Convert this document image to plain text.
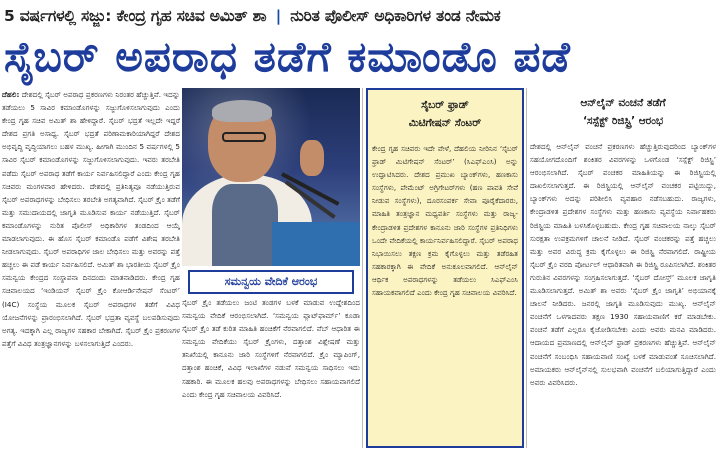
5 ವರ್ಷಗಳಲ್ಲಿ ಸಜ್ಜು: ಕೇಂದ್ರ ಗೃಹ ಸಚಿವ ಅಮಿತ್ ಶಾ | ನುರಿತ ಪೊಲೀಸ್ ಅಧಿಕಾರಿಗಳ ತಂಡ ನೇಮಕ
ಸೈಬರ್ ಅಪರಾಧ ತಡೆಗೆ ಕಮಾಂಡೊ ಪಡೆ
ದೆಹಲಿ: ದೇಶದಲ್ಲಿ ಸೈಬರ್ ಅಪರಾಧ ಪ್ರಕರಣಗಳು ನಿರಂತರ ಹೆಚ್ಚುತ್ತಿವೆ. ಇದನ್ನು ತಡೆಯಲು 5 ಸಾವಿರ ಕಮಾಂಡೊಗಳನ್ನು ಸಜ್ಜುಗೊಳಿಸಲಾಗುವುದು ಎಂದು ಕೇಂದ್ರ ಗೃಹ ಸಚಿವ ಅಮಿತ್ ಶಾ ಹೇಳಿದ್ದಾರೆ. ಸೈಬರ್ ಭದ್ರತೆ ಇಲ್ಲದೇ ಇದ್ದರೆ ದೇಶದ ಪ್ರಗತಿ ಅಸಾಧ್ಯ. ಸೈಬರ್ ಭದ್ರತೆ ಪರಿಣಾಮಕಾರಿಯಾಗಿದ್ದರೆ ದೇಶದ ಅಭಿವೃದ್ಧಿ ವೃದ್ಧಿಯಾಗಲು ಬಹಳ ಮುಖ್ಯ. ಹೀಗಾಗಿ ಮುಂದಿನ 5 ವರ್ಷಗಳಲ್ಲಿ 5 ಸಾವಿರ ಸೈಬರ್ ಕಮಾಂಡೊಗಳನ್ನು ಸಜ್ಜುಗೊಳಿಸಲಾಗುವುದು. ಇವರು ತರಬೇತಿ ಪಡೆದು ಸೈಬರ್ ಅಪರಾಧ ತಡೆಗೆ ಕಾರ್ಯ ನಿರ್ವಹಿಸಲಿದ್ದಾರೆ ಎಂದು ಕೇಂದ್ರ ಗೃಹ ಸಚಿವರು ಮಂಗಳವಾರ ಹೇಳಿದರು. ದೇಶದಲ್ಲಿ ಪ್ರತಿನಿತ್ಯವೂ ನಡೆಯುತ್ತಿರುವ ಸೈಬರ್ ಅಪರಾಧಗಳನ್ನು ಬೇಧಿಸಲು ತರಬೇತಿ ಅಗತ್ಯವಾಗಿದೆ. ಸೈಬರ್ ಕ್ರೈಂ ತಡೆಗೆ ಮತ್ತು ಸಮುದಾಯದಲ್ಲಿ ಜಾಗೃತಿ ಮೂಡಿಸುವ ಕಾರ್ಯ ನಡೆಯುತ್ತಿದೆ. ಸೈಬರ್ ಕಮಾಂಡೊಗಳನ್ನು ನುರಿತ ಪೊಲೀಸ್ ಅಧಿಕಾರಿಗಳ ತಂಡದಿಂದ ಆಯ್ಕೆ ಮಾಡಲಾಗುವುದು. ಈ ಹೊಸ ಸೈಬರ್ ಕಮಾಂಡೊ ಪಡೆಗೆ ವಿಶೇಷ ತರಬೇತಿ ನೀಡಲಾಗುವುದು. ಸೈಬರ್ ಅಪರಾಧಿಗಳ ಜಾಲ ಬೇಧಿಸಲು ಮತ್ತು ಅವರನ್ನು ಪತ್ತೆ ಹಚ್ಚಲು ಈ ಪಡೆ ಕಾರ್ಯ ನಿರ್ವಹಿಸಲಿದೆ. ಅಮಿತ್ ಶಾ ಭಾರತೀಯ ಸೈಬರ್ ಕ್ರೈಂ ಸಮನ್ವಯ ಕೇಂದ್ರದ ಸಂಸ್ಥಾಪನಾ ದಿನದಂದು ಮಾತನಾಡಿದರು. ಕೇಂದ್ರ ಗೃಹ ಸಚಿವಾಲಯದ ‘ಇಂಡಿಯನ್ ಸೈಬರ್ ಕ್ರೈಂ ಕೋಆರ್ಡಿನೇಷನ್ ಸೆಂಟರ್’ (I4C) ಸಂಸ್ಥೆಯ ಮೂಲಕ ಸೈಬರ್ ಅಪರಾಧಗಳ ತಡೆಗೆ ವಿವಿಧ ಯೋಜನೆಗಳನ್ನು ಪ್ರಾರಂಭಿಸಲಾಗಿದೆ. ಸೈಬರ್ ಭದ್ರತಾ ವ್ಯವಸ್ಥೆ ಬಲಪಡಿಸುವುದು ಅಗತ್ಯ. ಇದಕ್ಕಾಗಿ ಎಲ್ಲ ರಾಜ್ಯಗಳ ಸಹಕಾರ ಬೇಕಾಗಿದೆ. ಸೈಬರ್ ಕ್ರೈಂ ಪ್ರಕರಣಗಳ ಪತ್ತೆಗೆ ವಿವಿಧ ತಂತ್ರಜ್ಞಾನಗಳನ್ನು ಬಳಸಲಾಗುತ್ತಿದೆ ಎಂದರು.
ಸಮನ್ವಯ ವೇದಿಕೆ ಆರಂಭ
ಸೈಬರ್ ಕ್ರೈಂ ತಡೆಯಲು ಜಂಟಿ ತಂಡಗಳ ಬಳಕೆ ಮಾಡುವ ಉದ್ದೇಶದಿಂದ ಸಮನ್ವಯ ವೇದಿಕೆ ಆರಂಭಿಸಲಾಗಿದೆ. ‘ಸಮನ್ವಯ ಪ್ಲಾಟ್‌ಫಾರ್ಮ್’ ಕೂಡಾ ಸೈಬರ್ ಕ್ರೈಂ ತಡೆ ಕುರಿತ ಮಾಹಿತಿ ಹಂಚಿಕೆಗೆ ನೆರವಾಗಲಿದೆ. ವೆಬ್ ಆಧಾರಿತ ಈ ಸಮನ್ವಯ ವೇದಿಕೆಯು ಸೈಬರ್ ಕ್ರೈಂಗಳು, ದತ್ತಾಂಶ ವಿಶ್ಲೇಷಣೆ ಮತ್ತು ತನಿಖೆಯಲ್ಲಿ ಕಾನೂನು ಜಾರಿ ಸಂಸ್ಥೆಗಳಿಗೆ ನೆರವಾಗಲಿದೆ. ಕ್ರೈಂ ಮ್ಯಾಪಿಂಗ್, ದತ್ತಾಂಶ ಹಂಚಿಕೆ, ವಿವಿಧ ಇಲಾಖೆಗಳ ನಡುವೆ ಸಮನ್ವಯ ಸಾಧಿಸಲು ಇದು ಸಹಕಾರಿ. ಈ ಮೂಲಕ ಹಲವು ಅಪರಾಧಗಳನ್ನು ಬೇಧಿಸಲು ಸಹಾಯವಾಗಲಿದೆ ಎಂದು ಕೇಂದ್ರ ಗೃಹ ಸಚಿವಾಲಯ ವಿವರಿಸಿದೆ.
ಸೈಬರ್ ಫ್ರಾಡ್
ಮಿಟಿಗೇಷನ್ ಸೆಂಟರ್
ಕೇಂದ್ರ ಗೃಹ ಸಚಿವರು ಇದೇ ವೇಳೆ, ದೆಹಲಿಯ ನೀರಿನಿನ ‘ಸೈಬರ್ ಫ್ರಾಡ್ ಮಿಟಿಗೇಷನ್ ಸೆಂಟರ್’ (ಸಿಎಫ್ಎಂಸಿ) ಅನ್ನು ಉದ್ಘಾಟಿಸಿದರು. ದೇಶದ ಪ್ರಮುಖ ಬ್ಯಾಂಕ್‌ಗಳು, ಹಣಕಾಸು ಸಂಸ್ಥೆಗಳು, ಪೇಮೆಂಟ್ ಅಗ್ರಿಗೇಟರ್‌ಗಳು (ಹಣ ಪಾವತಿ ಸೇವೆ ನೀಡುವ ಸಂಸ್ಥೆಗಳು), ದೂರಸಂಪರ್ಕ ಸೇವಾ ಪೂರೈಕೆದಾರರು, ಮಾಹಿತಿ ತಂತ್ರಜ್ಞಾನ ಮಧ್ಯವರ್ತಿ ಸಂಸ್ಥೆಗಳು ಮತ್ತು ರಾಜ್ಯ-ಕೇಂದ್ರಾಡಳಿತ ಪ್ರದೇಶಗಳ ಕಾನೂನು ಜಾರಿ ಸಂಸ್ಥೆಗಳ ಪ್ರತಿನಿಧಿಗಳು ಒಂದೇ ವೇದಿಕೆಯಲ್ಲಿ ಕಾರ್ಯನಿರ್ವಹಿಸಲಿದ್ದಾರೆ. ಸೈಬರ್ ಅಪರಾಧ ನಿಭಾಯಿಸಲು ತಕ್ಷಣ ಕ್ರಮ ಕೈಗೊಳ್ಳಲು ಮತ್ತು ತಡೆರಹಿತ ಸಹಕಾರಕ್ಕಾಗಿ ಈ ವೇದಿಕೆ ಅನುಕೂಲವಾಗಲಿದೆ. ಆನ್‌ಲೈನ್ ಆರ್ಥಿಕ ಅಪರಾಧಗಳನ್ನು ತಡೆಯಲು ಸಿಎಫ್ಎಂಸಿ ಸಹಾಯಕವಾಗಲಿದೆ ಎಂದು ಕೇಂದ್ರ ಗೃಹ ಸಚಿವಾಲಯ ವಿವರಿಸಿದೆ.
ಆನ್‌ಲೈನ್ ವಂಚನೆ ತಡೆಗೆ
‘ಸಸ್ಪೆಕ್ಟ್ ರಿಜಿಸ್ಟ್ರಿ’ ಆರಂಭ
ದೇಶದಲ್ಲಿ ಆನ್‌ಲೈನ್ ವಂಚನೆ ಪ್ರಕರಣಗಳು ಹೆಚ್ಚುತ್ತಿರುವುದರಿಂದ ಬ್ಯಾಂಕ್‌ಗಳ ಸಹಯೋಗದೊಂದಿಗೆ ಶಂಕಿತರ ವಿವರಗಳನ್ನು ಒಳಗೊಂಡ ‘ಸಸ್ಪೆಕ್ಟ್ ರಿಜಿಸ್ಟ್ರಿ’ ಆರಂಭಿಸಲಾಗಿದೆ. ಸೈಬರ್ ವಂಚಕರ ಮಾಹಿತಿಯನ್ನು ಈ ರಿಜಿಸ್ಟ್ರಿಯಲ್ಲಿ ದಾಖಲಿಸಲಾಗುತ್ತದೆ. ಈ ರಿಜಿಸ್ಟ್ರಿಯಲ್ಲಿ ಆನ್‌ಲೈನ್ ವಂಚಕರ ಪಟ್ಟಿಯಿದ್ದು, ಬ್ಯಾಂಕ್‌ಗಳು ಅದನ್ನು ಪರಿಶೀಲಿಸಿ ವ್ಯವಹಾರ ನಡೆಸಬಹುದು. ರಾಜ್ಯಗಳು, ಕೇಂದ್ರಾಡಳಿತ ಪ್ರದೇಶಗಳ ಸಂಸ್ಥೆಗಳು ಮತ್ತು ಹಣಕಾಸು ವ್ಯವಸ್ಥೆಯ ನಿರ್ವಾಹಕರು ರಿಜಿಸ್ಟ್ರಿಯ ಮಾಹಿತಿ ಬಳಸಿಕೊಳ್ಳಬಹುದು. ಕೇಂದ್ರ ಗೃಹ ಸಚಿವಾಲಯ ನಾಲ್ಕು ಸೈಬರ್ ಸುರಕ್ಷತಾ ಉಪಕ್ರಮಗಳಿಗೆ ಚಾಲನೆ ನೀಡಿದೆ. ಸೈಬರ್ ವಂಚಕರನ್ನು ಪತ್ತೆ ಹಚ್ಚಲು ಮತ್ತು ಅವರ ವಿರುದ್ಧ ಕ್ರಮ ಕೈಗೊಳ್ಳಲು ಈ ರಿಜಿಸ್ಟ್ರಿ ನೆರವಾಗಲಿದೆ. ರಾಷ್ಟ್ರೀಯ ಸೈಬರ್ ಕ್ರೈಂ ವರದಿ ಪೋರ್ಟಲ್ ಆಧಾರಿತವಾಗಿ ಈ ರಿಜಿಸ್ಟ್ರಿ ರೂಪಿಸಲಾಗಿದೆ. ಶಂಕಿತರ ಗುರುತಿನ ವಿವರಗಳನ್ನು ಸಂಗ್ರಹಿಸಲಾಗುತ್ತದೆ. ‘ಸೈಬರ್ ದೋಸ್ತ್’ ಮೂಲಕ ಜಾಗೃತಿ ಮೂಡಿಸಲಾಗುತ್ತದೆ. ಅಮಿತ್ ಶಾ ಅವರು ‘ಸೈಬರ್ ಕ್ರೈಂ ಜಾಗೃತಿ’ ಅಭಿಯಾನಕ್ಕೆ ಚಾಲನೆ ನೀಡಿದರು. ಜನರಲ್ಲಿ ಜಾಗೃತಿ ಮೂಡಿಸುವುದು ಮುಖ್ಯ. ಆನ್‌ಲೈನ್ ವಂಚನೆಗೆ ಒಳಗಾದವರು ತಕ್ಷಣ 1930 ಸಹಾಯವಾಣಿಗೆ ಕರೆ ಮಾಡಬೇಕು. ವಂಚನೆ ತಡೆಗೆ ಎಲ್ಲರೂ ಕೈಜೋಡಿಸಬೇಕು ಎಂದು ಅವರು ಮನವಿ ಮಾಡಿದರು. ಆದಾಯದ ಪ್ರಮಾಣದಲ್ಲಿ ಆನ್‌ಲೈನ್ ಫ್ರಾಡ್ ಪ್ರಕರಣಗಳು ಹೆಚ್ಚುತ್ತಿವೆ. ಆನ್‌ಲೈನ್ ವಂಚನೆಗೆ ಸಂಬಂಧಿಸಿ ಸಹಾಯವಾಣಿ ಸಂಖ್ಯೆ ಬಳಕೆ ಮಾಡುವಂತೆ ಸೂಚಿಸಲಾಗಿದೆ. ಅಮಾಯಕರು ಆನ್‌ಲೈನ್‌ನಲ್ಲಿ ಸುಲಭವಾಗಿ ವಂಚನೆಗೆ ಬಲಿಯಾಗುತ್ತಿದ್ದಾರೆ ಎಂದು ಅವರು ವಿವರಿಸಿದರು.
